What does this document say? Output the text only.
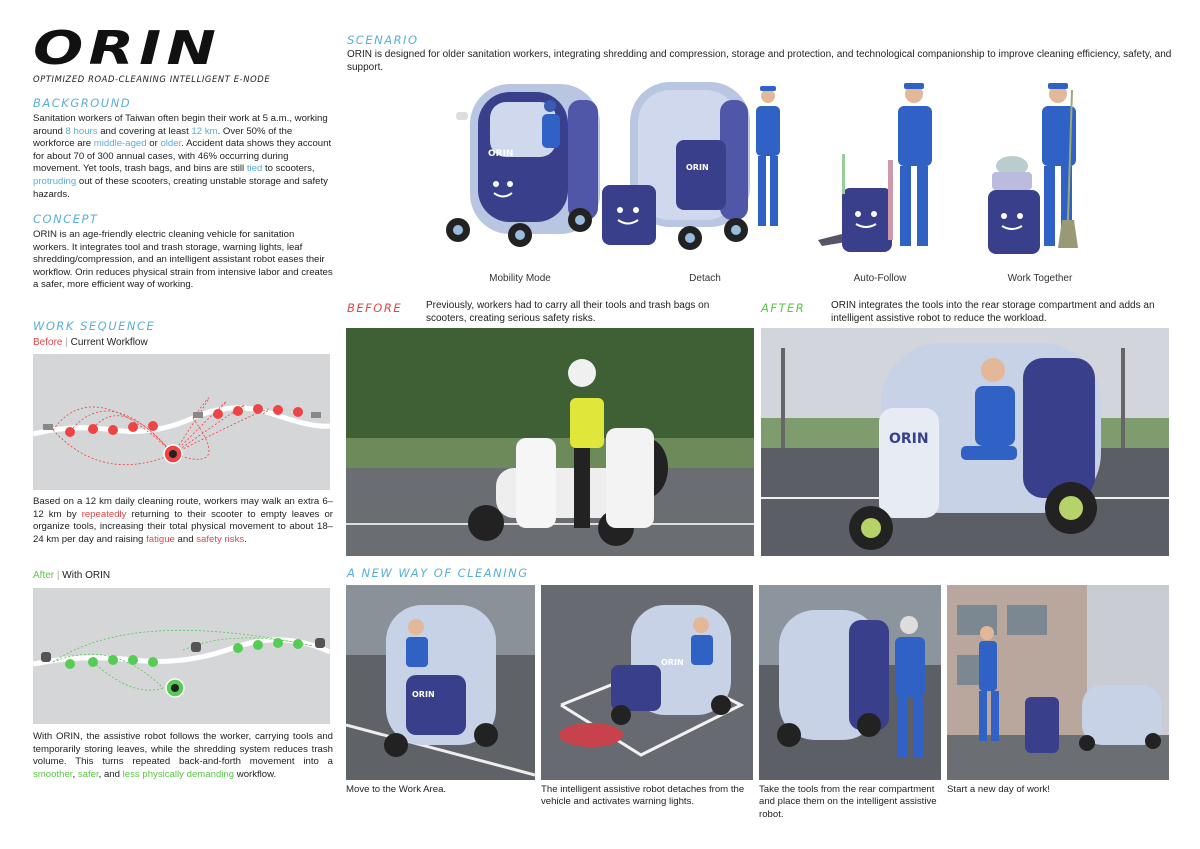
ORIN
OPTIMIZED ROAD-CLEANING INTELLIGENT E-NODE
BACKGROUND
Sanitation workers of Taiwan often begin their work at 5 a.m., working around 8 hours and covering at least 12 km. Over 50% of the workforce are middle-aged or older. Accident data shows they account for about 70 of 300 annual cases, with 46% occurring during movement. Yet tools, trash bags, and bins are still tied to scooters, protruding out of these scooters, creating unstable storage and safety hazards.
CONCEPT
ORIN is an age-friendly electric cleaning vehicle for sanitation workers. It integrates tool and trash storage, warning lights, leaf shredding/compression, and an intelligent assistant robot eases their workflow. Orin reduces physical strain from intensive labor and creates a safer, more efficient way of working.
WORK SEQUENCE
Before | Current Workflow
Based on a 12 km daily cleaning route, workers may walk an extra 6–12 km by repeatedly returning to their scooter to empty leaves or organize tools, increasing their total physical movement to about 18–24 km per day and raising fatigue and safety risks.
After | With ORIN
With ORIN, the assistive robot follows the worker, carrying tools and temporarily storing leaves, while the shredding system reduces trash volume. This turns repeated back-and-forth movement into a smoother, safer, and less physically demanding workflow.
SCENARIO
ORIN is designed for older sanitation workers, integrating shredding and compression, storage and protection, and technological companionship to improve cleaning efficiency, safety, and support.
ORIN
ORIN
Mobility Mode	Detach	Auto-Follow	Work Together
BEFORE Previously, workers had to carry all their tools and trash bags on scooters, creating serious safety risks.
AFTER	ORIN integrates the tools into the rear storage compartment and adds an intelligent assistive robot to reduce the workload.
ORIN
A NEW WAY OF CLEANING
ORIN
ORIN
Move to the Work Area.	The intelligent assistive robot detaches from the vehicle and activates warning lights.
Take the tools from the rear compartment and place them on the intelligent assistive robot.
Start a new day of work!
